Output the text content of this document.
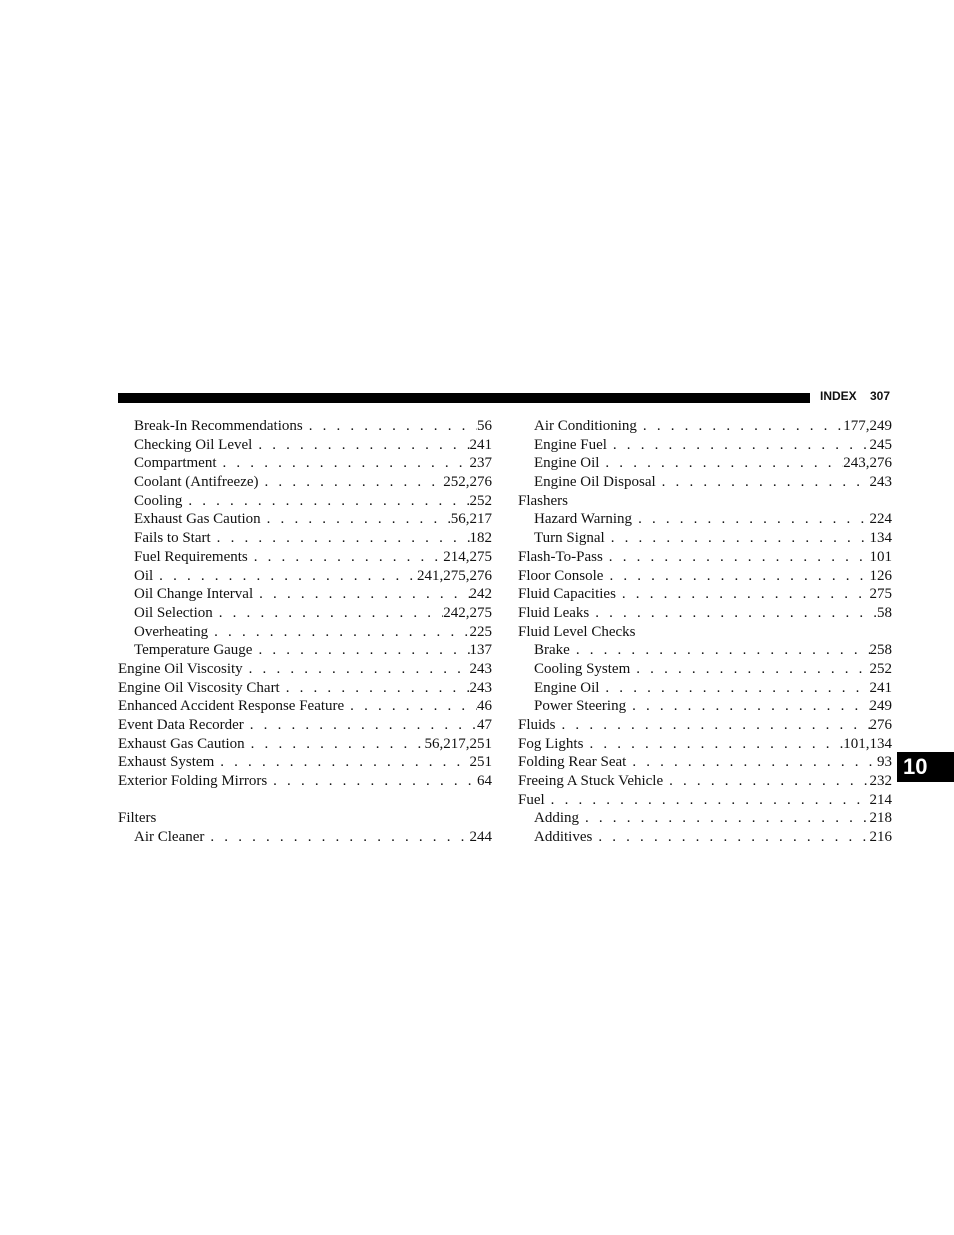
INDEX 307
Break-In Recommendations . . .	56
Checking Oil Level . . .	241
Compartment . . .	237
Coolant (Antifreeze) . . .	252,276
Cooling . . .	252
Exhaust Gas Caution . . .	56,217
Fails to Start . . .	182
Fuel Requirements . . .	214,275
Oil . . .	241,275,276
Oil Change Interval . . .	242
Oil Selection . . .	242,275
Overheating . . .	225
Temperature Gauge . . .	137
Engine Oil Viscosity . . .	243
Engine Oil Viscosity Chart . . .	243
Enhanced Accident Response Feature . . .	46
Event Data Recorder . . .	47
Exhaust Gas Caution . . .	56,217,251
Exhaust System . . .	251
Exterior Folding Mirrors . . .	64
Filters
Air Cleaner . . .	244
Air Conditioning . . .	177,249
Engine Fuel . . .	245
Engine Oil . . .	243,276
Engine Oil Disposal . . .	243
Flashers
Hazard Warning . . .	224
Turn Signal . . .	134
Flash-To-Pass . . .	101
Floor Console . . .	126
Fluid Capacities . . .	275
Fluid Leaks . . .	58
Fluid Level Checks
Brake . . .	258
Cooling System . . .	252
Engine Oil . . .	241
Power Steering . . .	249
Fluids . . .	276
Fog Lights . . .	101,134
Folding Rear Seat . . .	93
Freeing A Stuck Vehicle . . .	232
Fuel . . .	214
Adding . . .	218
Additives . . .	216
10
